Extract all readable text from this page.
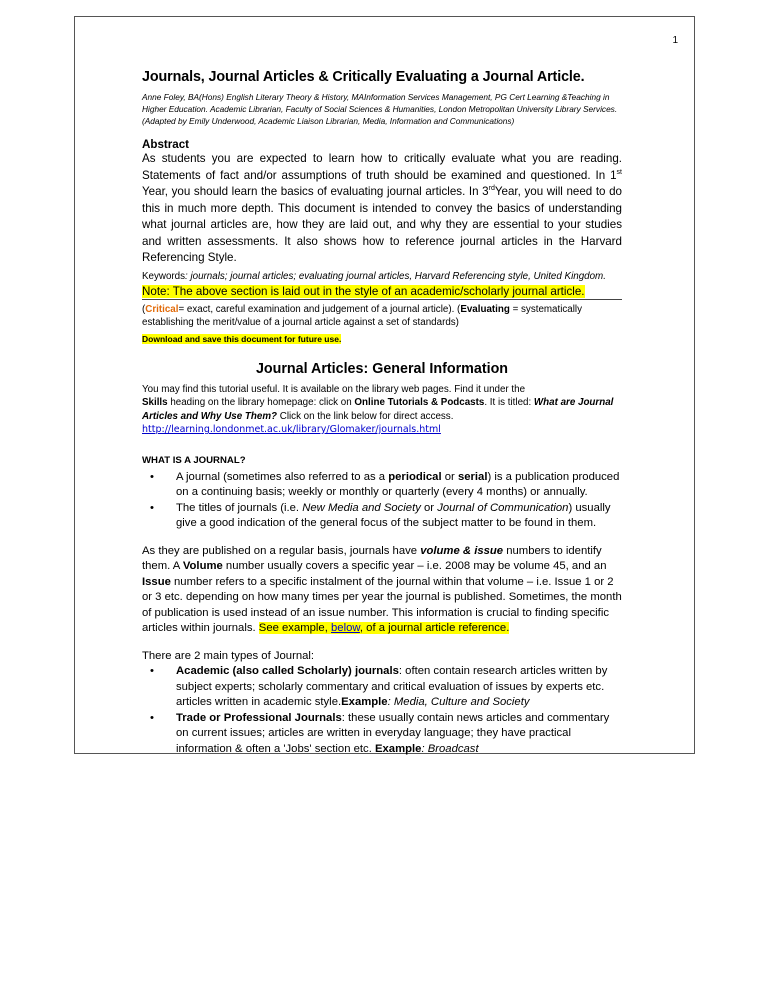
1
Journals, Journal Articles & Critically Evaluating a Journal Article.
Anne Foley, BA(Hons) English Literary Theory & History, MAInformation Services Management, PG Cert Learning &Teaching in Higher Education. Academic Librarian, Faculty of Social Sciences & Humanities, London Metropolitan University Library Services. (Adapted by Emily Underwood, Academic Liaison Librarian, Media, Information and Communications)
Abstract
As students you are expected to learn how to critically evaluate what you are reading. Statements of fact and/or assumptions of truth should be examined and questioned. In 1st Year, you should learn the basics of evaluating journal articles. In 3rdYear, you will need to do this in much more depth. This document is intended to convey the basics of understanding what journal articles are, how they are laid out, and why they are essential to your studies and written assessments. It also shows how to reference journal articles in the Harvard Referencing Style.
Keywords: journals; journal articles; evaluating journal articles, Harvard Referencing style, United Kingdom.
Note: The above section is laid out in the style of an academic/scholarly journal article.
(Critical= exact, careful examination and judgement of a journal article). (Evaluating = systematically establishing the merit/value of a journal article against a set of standards)
Download and save this document for future use.
Journal Articles: General Information
You may find this tutorial useful. It is available on the library web pages. Find it under the
Skills heading on the library homepage: click on Online Tutorials & Podcasts. It is titled: What are Journal Articles and Why Use Them? Click on the link below for direct access.
http://learning.londonmet.ac.uk/library/Glomaker/journals.html
WHAT IS A JOURNAL?
• A journal (sometimes also referred to as a periodical or serial) is a publication produced on a continuing basis; weekly or monthly or quarterly (every 4 months) or annually.
• The titles of journals (i.e. New Media and Society or Journal of Communication) usually give a good indication of the general focus of the subject matter to be found in them.
As they are published on a regular basis, journals have volume & issue numbers to identify them. A Volume number usually covers a specific year – i.e. 2008 may be volume 45, and an Issue number refers to a specific instalment of the journal within that volume – i.e. Issue 1 or 2 or 3 etc. depending on how many times per year the journal is published. Sometimes, the month of publication is used instead of an issue number. This information is crucial to finding specific articles within journals. See example, below, of a journal article reference.
There are 2 main types of Journal:
• Academic (also called Scholarly) journals: often contain research articles written by subject experts; scholarly commentary and critical evaluation of issues by experts etc. articles written in academic style.Example: Media, Culture and Society
• Trade or Professional Journals: these usually contain news articles and commentary on current issues; articles are written in everyday language; they have practical information & often a 'Jobs' section etc. Example: Broadcast
